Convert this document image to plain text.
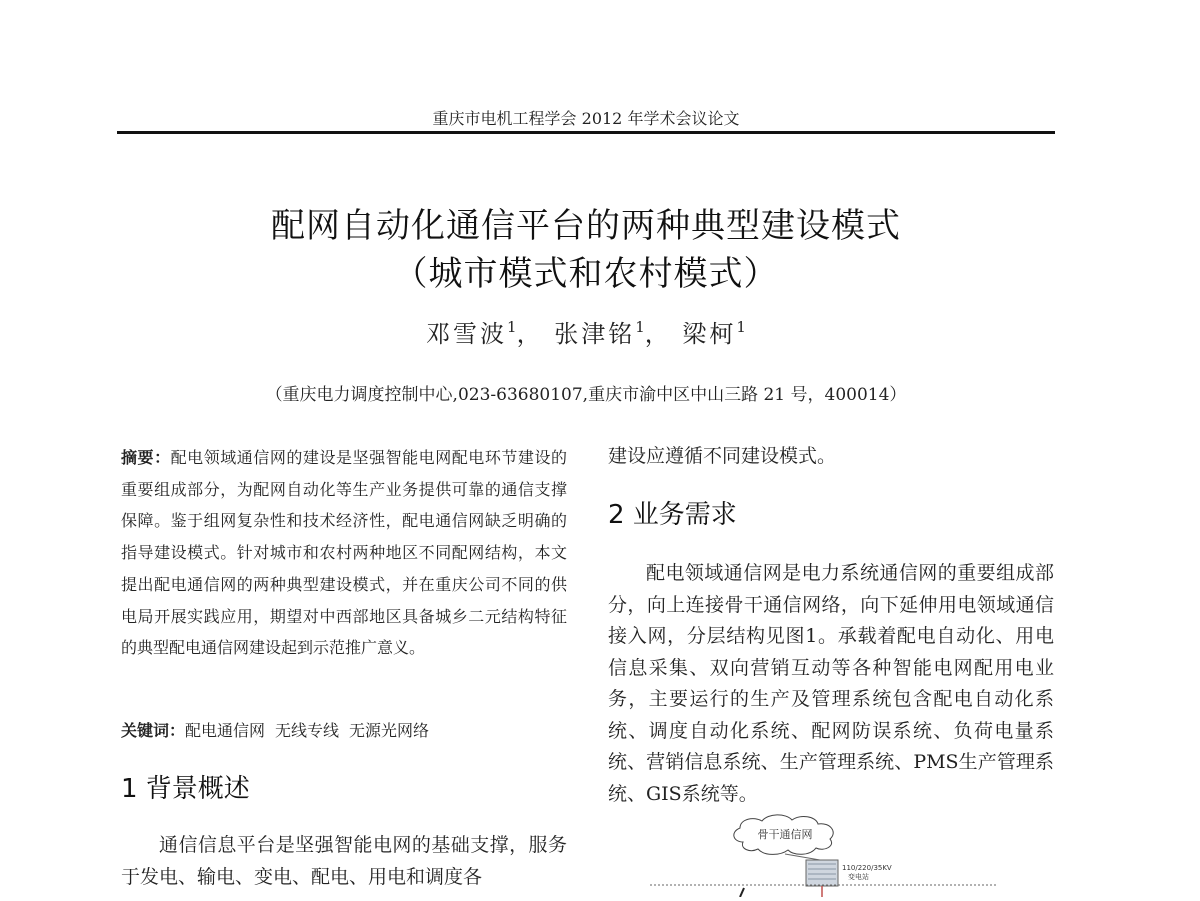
重庆市电机工程学会 2012 年学术会议论文
配网自动化通信平台的两种典型建设模式
（城市模式和农村模式）
邓雪波$^1$， 张津铭$^1$， 梁柯$^1$
（重庆电力调度控制中心,023-63680107,重庆市渝中区中山三路 21 号，400014）
摘要：配电领域通信网的建设是坚强智能电网配电环节建设的重要组成部分，为配网自动化等生产业务提供可靠的通信支撑保障。鉴于组网复杂性和技术经济性，配电通信网缺乏明确的指导建设模式。针对城市和农村两种地区不同配网结构，本文提出配电通信网的两种典型建设模式，并在重庆公司不同的供电局开展实践应用，期望对中西部地区具备城乡二元结构特征的典型配电通信网建设起到示范推广意义。
关键词：配电通信网 无线专线 无源光网络
1 背景概述
通信信息平台是坚强智能电网的基础支撑，服务于发电、输电、变电、配电、用电和调度各
建设应遵循不同建设模式。
2 业务需求
配电领域通信网是电力系统通信网的重要组成部分，向上连接骨干通信网络，向下延伸用电领域通信接入网，分层结构见图1。承载着配电自动化、用电信息采集、双向营销互动等各种智能电网配用电业务，主要运行的生产及管理系统包含配电自动化系统、调度自动化系统、配网防误系统、负荷电量系统、营销信息系统、生产管理系统、PMS生产管理系统、GIS系统等。
骨干通信网
110/220/35KV
变电站
